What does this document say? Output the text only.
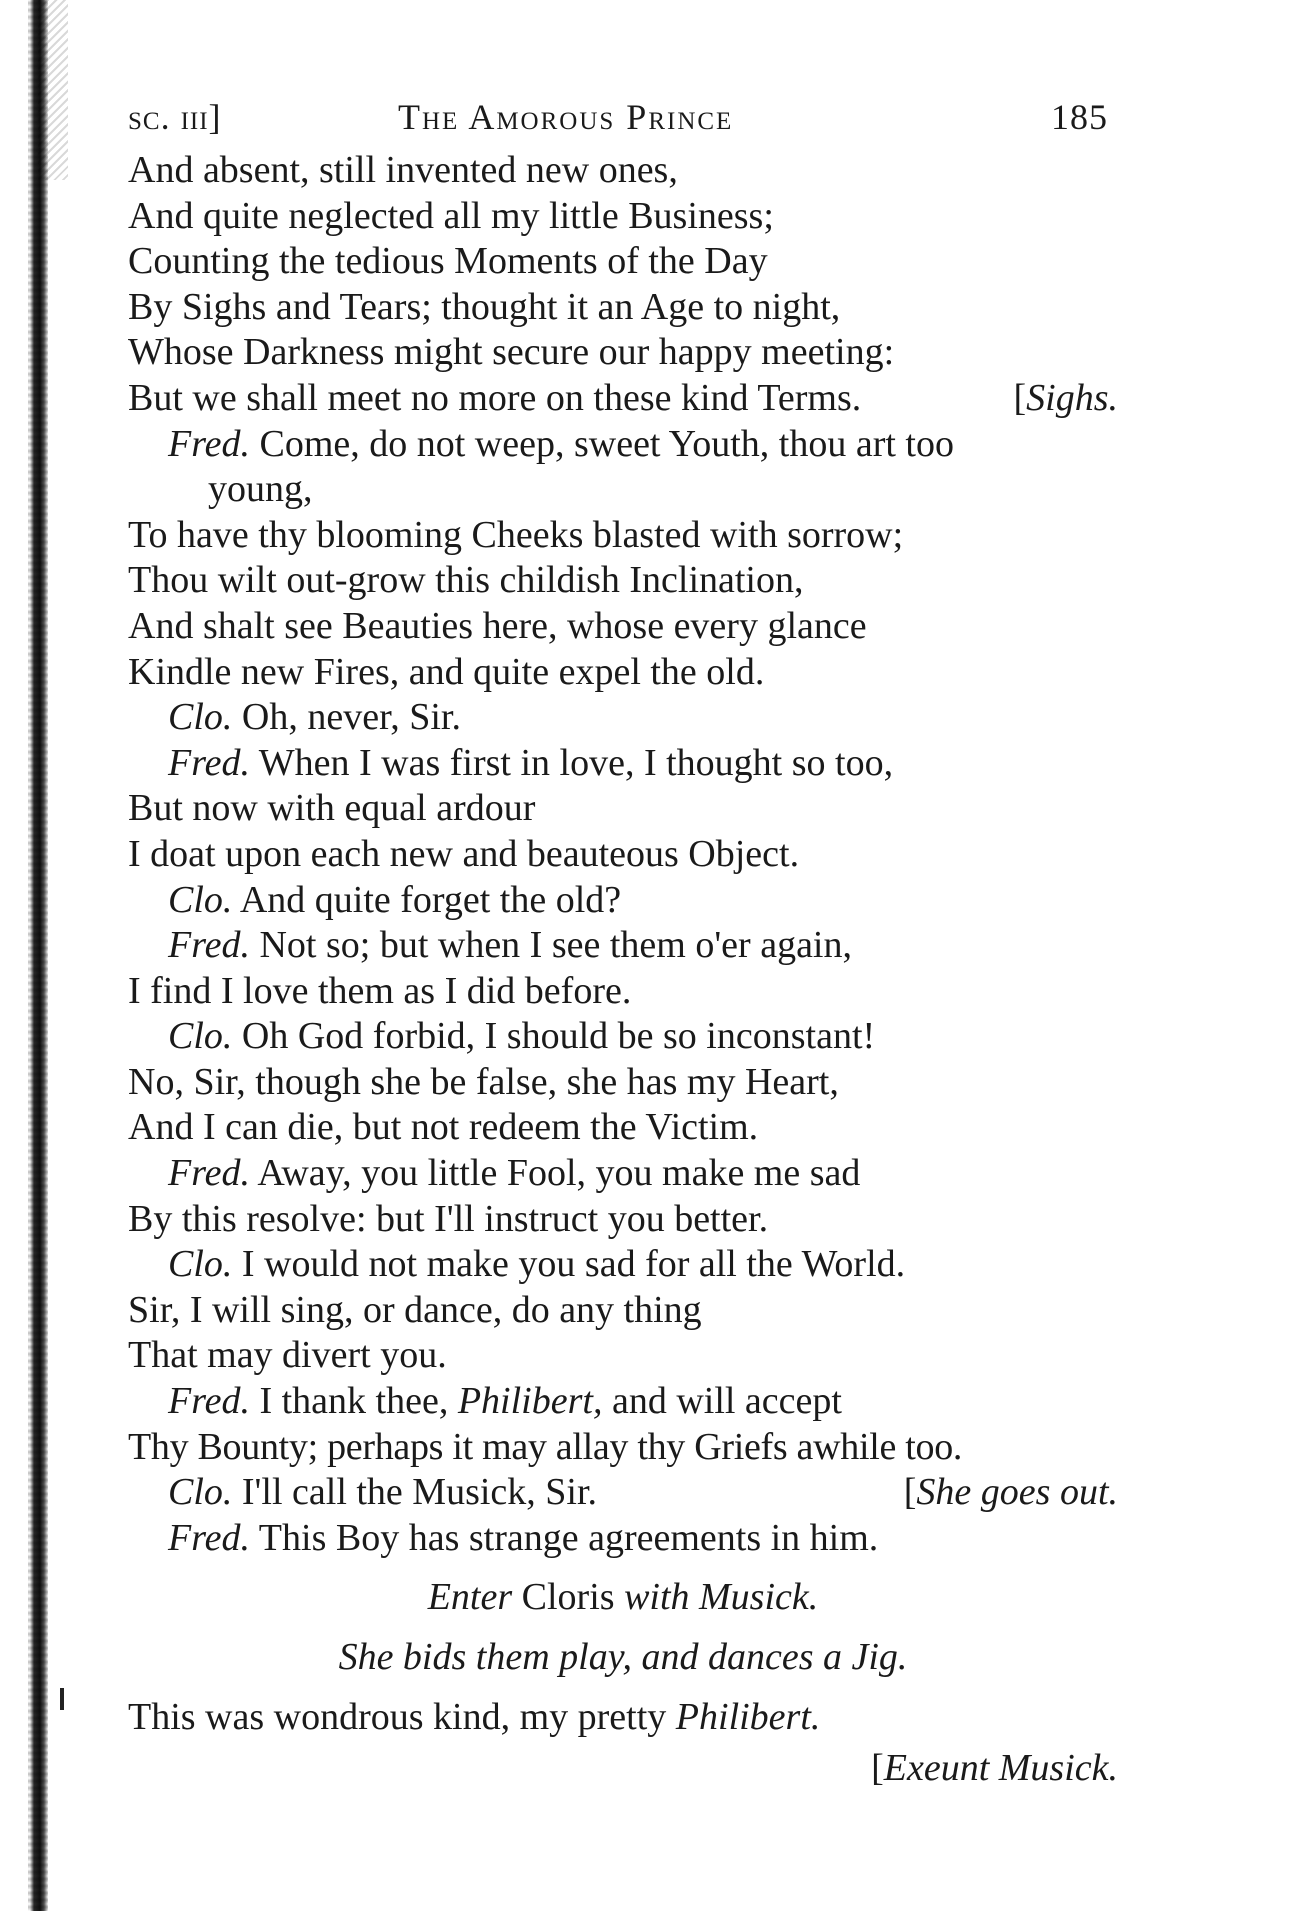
sc. iii]	The Amorous Prince	185
And absent, still invented new ones,
And quite neglected all my little Business;
Counting the tedious Moments of the Day
By Sighs and Tears; thought it an Age to night,
Whose Darkness might secure our happy meeting:
But we shall meet no more on these kind Terms.	[Sighs.
Fred. Come, do not weep, sweet Youth, thou art too
young,
To have thy blooming Cheeks blasted with sorrow;
Thou wilt out-grow this childish Inclination,
And shalt see Beauties here, whose every glance
Kindle new Fires, and quite expel the old.
Clo. Oh, never, Sir.
Fred. When I was first in love, I thought so too,
But now with equal ardour
I doat upon each new and beauteous Object.
Clo. And quite forget the old?
Fred. Not so; but when I see them o'er again,
I find I love them as I did before.
Clo. Oh God forbid, I should be so inconstant!
No, Sir, though she be false, she has my Heart,
And I can die, but not redeem the Victim.
Fred. Away, you little Fool, you make me sad
By this resolve: but I'll instruct you better.
Clo. I would not make you sad for all the World.
Sir, I will sing, or dance, do any thing
That may divert you.
Fred. I thank thee, Philibert, and will accept
Thy Bounty; perhaps it may allay thy Griefs awhile too.
Clo. I'll call the Musick, Sir.	[She goes out.
Fred. This Boy has strange agreements in him.
Enter Cloris with Musick.
She bids them play, and dances a Jig.
This was wondrous kind, my pretty Philibert.
[Exeunt Musick.
